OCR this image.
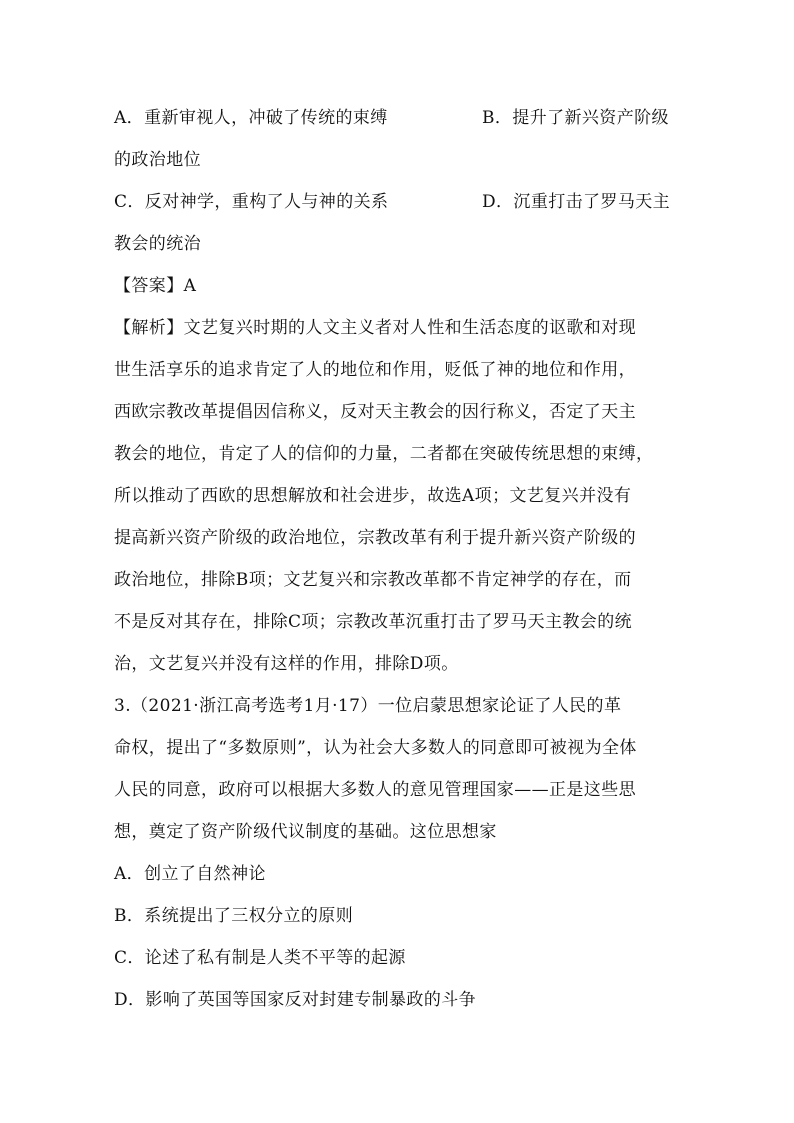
A．重新审视人，冲破了传统的束缚	B．提升了新兴资产阶级
的政治地位
C．反对神学，重构了人与神的关系	D．沉重打击了罗马天主
教会的统治
【答案】A
【解析】文艺复兴时期的人文主义者对人性和生活态度的讴歌和对现
世生活享乐的追求肯定了人的地位和作用，贬低了神的地位和作用，
西欧宗教改革提倡因信称义，反对天主教会的因行称义，否定了天主
教会的地位，肯定了人的信仰的力量，二者都在突破传统思想的束缚，
所以推动了西欧的思想解放和社会进步，故选A项；文艺复兴并没有
提高新兴资产阶级的政治地位，宗教改革有利于提升新兴资产阶级的
政治地位，排除B项；文艺复兴和宗教改革都不肯定神学的存在，而
不是反对其存在，排除C项；宗教改革沉重打击了罗马天主教会的统
治，文艺复兴并没有这样的作用，排除D项。
3.（2021·浙江高考选考1月·17）一位启蒙思想家论证了人民的革
命权，提出了“多数原则”，认为社会大多数人的同意即可被视为全体
人民的同意，政府可以根据大多数人的意见管理国家——正是这些思
想，奠定了资产阶级代议制度的基础。这位思想家
A．创立了自然神论
B．系统提出了三权分立的原则
C．论述了私有制是人类不平等的起源
D．影响了英国等国家反对封建专制暴政的斗争
